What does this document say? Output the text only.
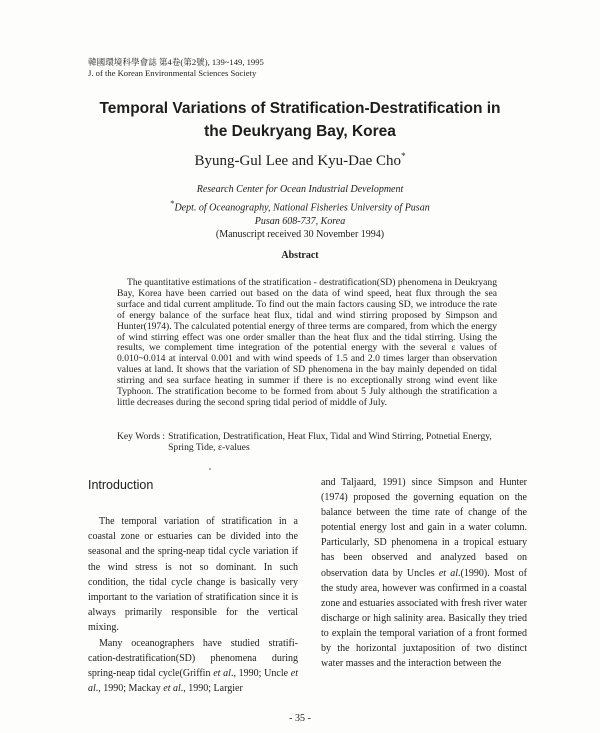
韓國環境科學會誌 第4卷(第2號), 139~149, 1995
J. of the Korean Environmental Sciences Society
Temporal Variations of Stratification-Destratification in
the Deukryang Bay, Korea
Byung-Gul Lee and Kyu-Dae Cho*
Research Center for Ocean Industrial Development
*Dept. of Oceanography, National Fisheries University of Pusan
Pusan 608-737, Korea
(Manuscript received 30 November 1994)
Abstract
The quantitative estimations of the stratification - destratification(SD) phenomena in Deukryang Bay, Korea have been carried out based on the data of wind speed, heat flux through the sea surface and tidal current amplitude. To find out the main factors causing SD, we introduce the rate of energy balance of the surface heat flux, tidal and wind stirring proposed by Simpson and Hunter(1974). The calculated potential energy of three terms are compared, from which the energy of wind stirring effect was one order smaller than the heat flux and the tidal stirring. Using the results, we complement time integration of the potential energy with the several ε values of 0.010~0.014 at interval 0.001 and with wind speeds of 1.5 and 2.0 times larger than observation values at land. It shows that the variation of SD phenomena in the bay mainly depended on tidal stirring and sea surface heating in summer if there is no exceptionally strong wind event like Typhoon. The stratification become to be formed from about 5 July although the stratification a little decreases during the second spring tidal period of middle of July.
Key Words : Stratification, Destratification, Heat Flux, Tidal and Wind Stirring, Potnetial Energy, Spring Tide, ε-values
Introduction

The temporal variation of stratification in a coastal zone or estuaries can be divided into the seasonal and the spring-neap tidal cycle variation if the wind stress is not so dominant. In such condition, the tidal cycle change is basically very important to the variation of stratification since it is always primarily responsible for the vertical mixing.

Many oceanographers have studied stratifi-cation-destratification(SD) phenomena during spring-neap tidal cycle(Griffin et al., 1990; Uncle et al., 1990; Mackay et al., 1990; Largier

and Taljaard, 1991) since Simpson and Hunter (1974) proposed the governing equation on the balance between the time rate of change of the potential energy lost and gain in a water column. Particularly, SD phenomena in a tropical estuary has been observed and analyzed based on observation data by Uncles et al.(1990). Most of the study area, however was confirmed in a coastal zone and estuaries associated with fresh river water discharge or high salinity area. Basically they tried to explain the temporal variation of a front formed by the horizontal juxtaposition of two distinct water masses and the interaction between the

- 35 -
